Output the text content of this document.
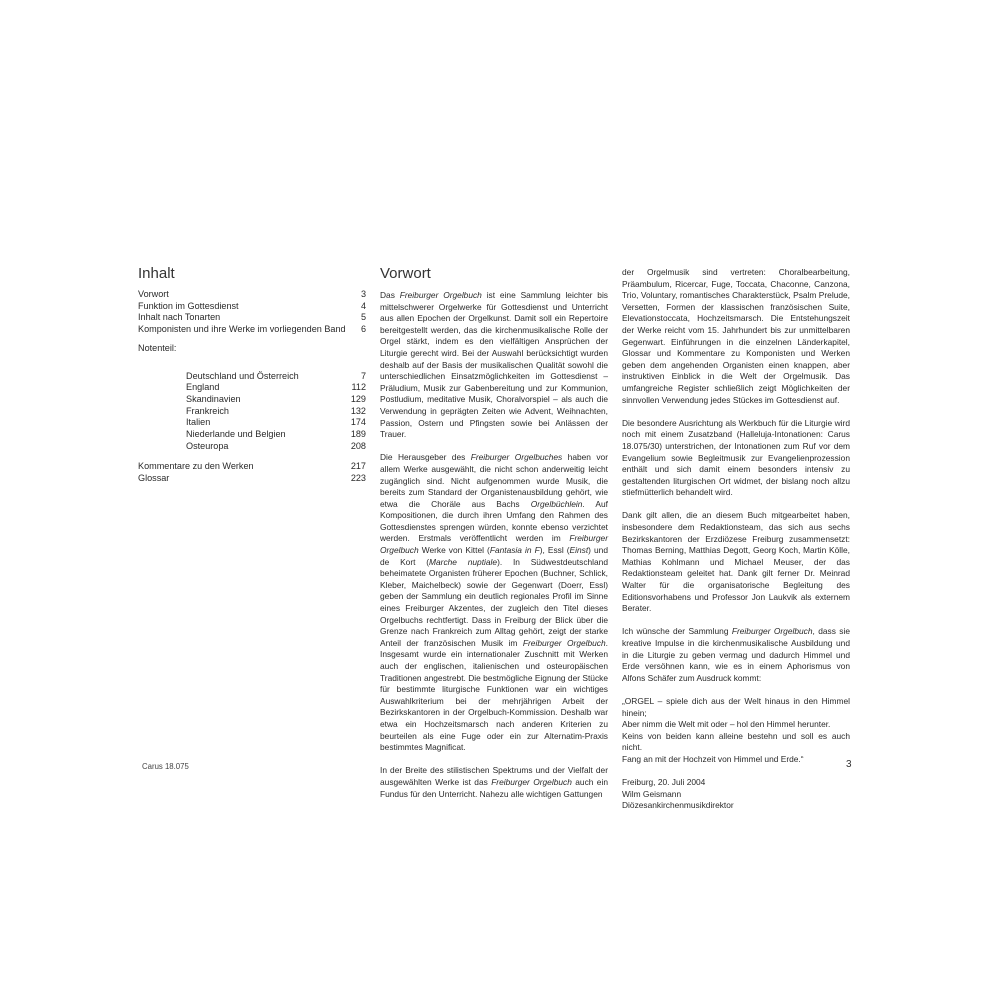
Inhalt
Vorwort	3
Funktion im Gottesdienst	4
Inhalt nach Tonarten	5
Komponisten und ihre Werke im vorliegenden Band 6
Notenteil:
Deutschland und Österreich	7
England	112
Skandinavien	129
Frankreich	132
Italien	174
Niederlande und Belgien	189
Osteuropa	208
Kommentare zu den Werken	217
Glossar	223
Vorwort

Das Freiburger Orgelbuch ist eine Sammlung leichter bis mittelschwerer Orgelwerke für Gottesdienst und Unterricht aus allen Epochen der Orgelkunst. Damit soll ein Repertoire bereitgestellt werden, das die kirchenmusikalische Rolle der Orgel stärkt, indem es den vielfältigen Ansprüchen der Liturgie gerecht wird. Bei der Auswahl berücksichtigt wurden deshalb auf der Basis der musikalischen Qualität sowohl die unterschiedlichen Einsatzmöglichkeiten im Gottesdienst – Präludium, Musik zur Gabenbereitung und zur Kommunion, Postludium, meditative Musik, Choralvorspiel – als auch die Verwendung in geprägten Zeiten wie Advent, Weihnachten, Passion, Ostern und Pfingsten sowie bei Anlässen der Trauer.

Die Herausgeber des Freiburger Orgelbuches haben vor allem Werke ausgewählt, die nicht schon anderweitig leicht zugänglich sind. Nicht aufgenommen wurde Musik, die bereits zum Standard der Organistenausbildung gehört, wie etwa die Choräle aus Bachs Orgelbüchlein. Auf Kompositionen, die durch ihren Umfang den Rahmen des Gottesdienstes sprengen würden, konnte ebenso verzichtet werden. Erstmals veröffentlicht werden im Freiburger Orgelbuch Werke von Kittel (Fantasia in F), Essl (Einst) und de Kort (Marche nuptiale). In Südwestdeutschland beheimatete Organisten früherer Epochen (Buchner, Schlick, Kleber, Maichelbeck) sowie der Gegenwart (Doerr, Essl) geben der Sammlung ein deutlich regionales Profil im Sinne eines Freiburger Akzentes, der zugleich den Titel dieses Orgelbuchs rechtfertigt. Dass in Freiburg der Blick über die Grenze nach Frankreich zum Alltag gehört, zeigt der starke Anteil der französischen Musik im Freiburger Orgelbuch. Insgesamt wurde ein internationaler Zuschnitt mit Werken auch der englischen, italienischen und osteuropäischen Traditionen angestrebt. Die bestmögliche Eignung der Stücke für bestimmte liturgische Funktionen war ein wichtiges Auswahlkriterium bei der mehrjährigen Arbeit der Bezirkskantoren in der Orgelbuch-Kommission. Deshalb war etwa ein Hochzeitsmarsch nach anderen Kriterien zu beurteilen als eine Fuge oder ein zur Alternatim-Praxis bestimmtes Magnificat.

In der Breite des stilistischen Spektrums und der Vielfalt der ausgewählten Werke ist das Freiburger Orgelbuch auch ein Fundus für den Unterricht. Nahezu alle wichtigen Gattungen

der Orgelmusik sind vertreten: Choralbearbeitung, Präambulum, Ricercar, Fuge, Toccata, Chaconne, Canzona, Trio, Voluntary, romantisches Charakterstück, Psalm Prelude, Versetten, Formen der klassischen französischen Suite, Elevationstoccata, Hochzeitsmarsch. Die Entstehungszeit der Werke reicht vom 15. Jahrhundert bis zur unmittelbaren Gegenwart. Einführungen in die einzelnen Länderkapitel, Glossar und Kommentare zu Komponisten und Werken geben dem angehenden Organisten einen knappen, aber instruktiven Einblick in die Welt der Orgelmusik. Das umfangreiche Register schließlich zeigt Möglichkeiten der sinnvollen Verwendung jedes Stückes im Gottesdienst auf.

Die besondere Ausrichtung als Werkbuch für die Liturgie wird noch mit einem Zusatzband (Halleluja-Intonationen: Carus 18.075/30) unterstrichen, der Intonationen zum Ruf vor dem Evangelium sowie Begleitmusik zur Evangelienprozession enthält und sich damit einem besonders intensiv zu gestaltenden liturgischen Ort widmet, der bislang noch allzu stiefmütterlich behandelt wird.

Dank gilt allen, die an diesem Buch mitgearbeitet haben, insbesondere dem Redaktionsteam, das sich aus sechs Bezirkskantoren der Erzdiözese Freiburg zusammensetzt: Thomas Berning, Matthias Degott, Georg Koch, Martin Kölle, Mathias Kohlmann und Michael Meuser, der das Redaktionsteam geleitet hat. Dank gilt ferner Dr. Meinrad Walter für die organisatorische Begleitung des Editionsvorhabens und Professor Jon Laukvik als externem Berater.

Ich wünsche der Sammlung Freiburger Orgelbuch, dass sie kreative Impulse in die kirchenmusikalische Ausbildung und in die Liturgie zu geben vermag und dadurch Himmel und Erde versöhnen kann, wie es in einem Aphorismus von Alfons Schäfer zum Ausdruck kommt:

„ORGEL – spiele dich aus der Welt hinaus in den Himmel hinein;
Aber nimm die Welt mit oder – hol den Himmel herunter.
Keins von beiden kann alleine bestehn und soll es auch nicht.
Fang an mit der Hochzeit von Himmel und Erde.“
Freiburg, 20. Juli 2004
Wilm Geismann
Diözesankirchenmusikdirektor
Carus 18.075	3
